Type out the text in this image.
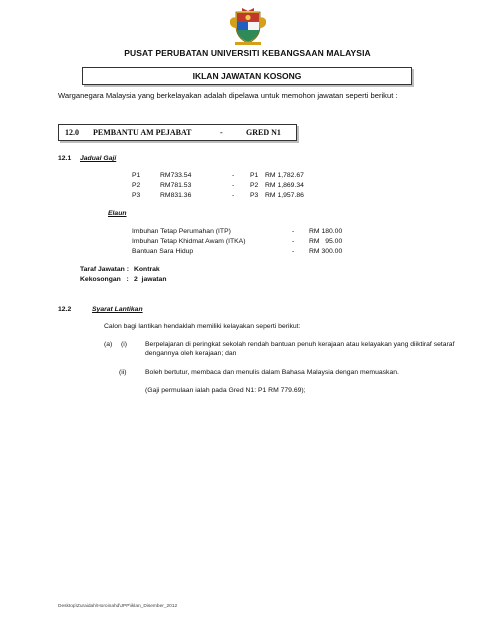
PUSAT PERUBATAN UNIVERSITI KEBANGSAAN MALAYSIA
IKLAN JAWATAN KOSONG
Warganegara Malaysia yang berkelayakan adalah dipelawa untuk memohon jawatan seperti berikut :
12.0 PEMBANTU AM PEJABAT	-	GRED N1
12.1 Jadual Gaji
P1	RM733.54	- P1 RM 1,782.67
P2	RM781.53	- P2 RM 1,869.34
P3	RM831.36	- P3 RM 1,957.86
Elaun
Imbuhan Tetap Perumahan (ITP)	- RM 180.00
Imbuhan Tetap Khidmat Awam (ITKA)	- RM   95.00
Bantuan Sara Hidup	- RM 300.00
Taraf Jawatan : Kontrak
Kekosongan   : 2  jawatan
12.2	Syarat Lantikan
Calon bagi lantikan hendaklah memiliki kelayakan seperti berikut:
(a) (i)	Berpelajaran di peringkat sekolah rendah bantuan penuh kerajaan atau kelayakan yang diiktiraf setaraf
dengannya oleh kerajaan; dan
(ii)	Boleh bertutur, membaca dan menulis dalam Bahasa Malaysia dengan memuaskan.
(Gaji permulaan ialah pada Gred N1: P1 RM 779.69);
Desktop\Zuraidah\Horoinahd\JPP\iklan_Disember_2012
